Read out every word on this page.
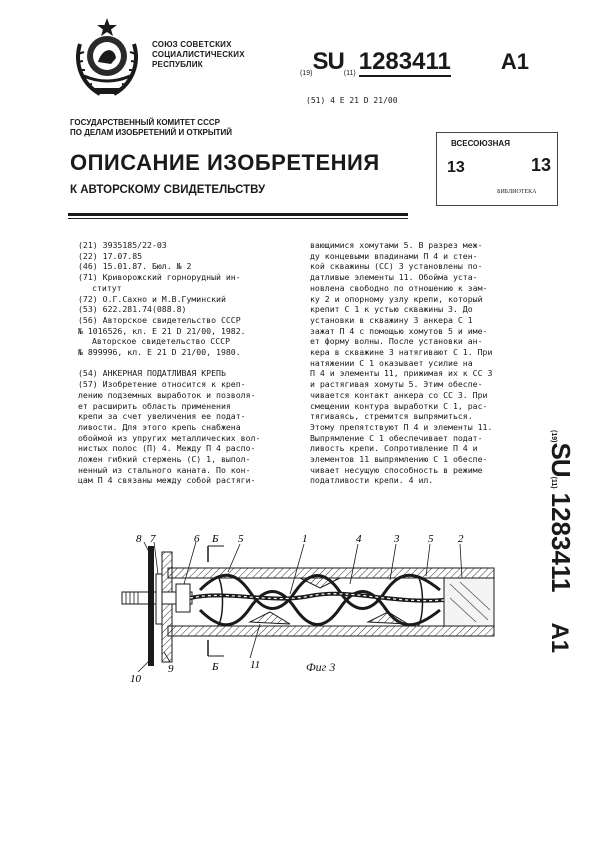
СОЮЗ СОВЕТСКИХ
СОЦИАЛИСТИЧЕСКИХ
РЕСПУБЛИК
(19)SU(11) 1283411 A1
(51) 4 E 21 D 21/00
ГОСУДАРСТВЕННЫЙ КОМИТЕТ СССР
ПО ДЕЛАМ ИЗОБРЕТЕНИЙ И ОТКРЫТИЙ
ОПИСАНИЕ ИЗОБРЕТЕНИЯ
К АВТОРСКОМУ СВИДЕТЕЛЬСТВУ
ВСЕСОЮЗНАЯ
13	13
БИБЛИОТЕКА
(21) 3935185/22-03
(22) 17.07.85
(46) 15.01.87. Бюл. № 2
(71) Криворожский горнорудный ин-
ститут
(72) О.Г.Сахно и М.В.Гуминский
(53) 622.281.74(088.8)
(56) Авторское свидетельство СССР
№ 1016526, кл. Е 21 D 21/00, 1982.
Авторское свидетельство СССР
№ 899996, кл. Е 21 D 21/00, 1980.

(54) АНКЕРНАЯ ПОДАТЛИВАЯ КРЕПЬ
(57) Изобретение относится к креп-
лению подземных выработок и позволя-
ет расширить область применения
крепи за счет увеличения ее подат-
ливости. Для этого крепь снабжена
обоймой из упругих металлических вол-
нистых полос (П) 4. Между П 4 распо-
ложен гибкий стержень (С) 1, выпол-
ненный из стального каната. По кон-
цам П 4 связаны между собой растяги-
вающимися хомутами 5. В разрез меж-
ду концевыми впадинами П 4 и стен-
кой скважины (СС) 3 установлены по-
датливые элементы 11. Обойма уста-
новлена свободно по отношению к зам-
ку 2 и опорному узлу крепи, который
крепит С 1 к устью скважины 3. До
установки в скважину 3 анкера С 1
зажат П 4 с помощью хомутов 5 и име-
ет форму волны. После установки ан-
кера в скважине 3 натягивают С 1. При
натяжении С 1 оказывает усилие на
П 4 и элементы 11, прижимая их к СС 3
и растягивая хомуты 5. Этим обеспе-
чивается контакт анкера со СС 3. При
смещении контура выработки С 1, рас-
тягиваясь, стремится выпрямиться.
Этому препятствуют П 4 и элементы 11.
Выпрямление С 1 обеспечивает подат-
ливость крепи. Сопротивление П 4 и
элементов 11 выпрямлению С 1 обеспе-
чивает несущую способность в режиме
податливости крепи. 4 ил.
(19)SU(11)1283411A1
8 7	6 Б 5	1	4	3	5 2
9	Б	11
10
Фиг 3
